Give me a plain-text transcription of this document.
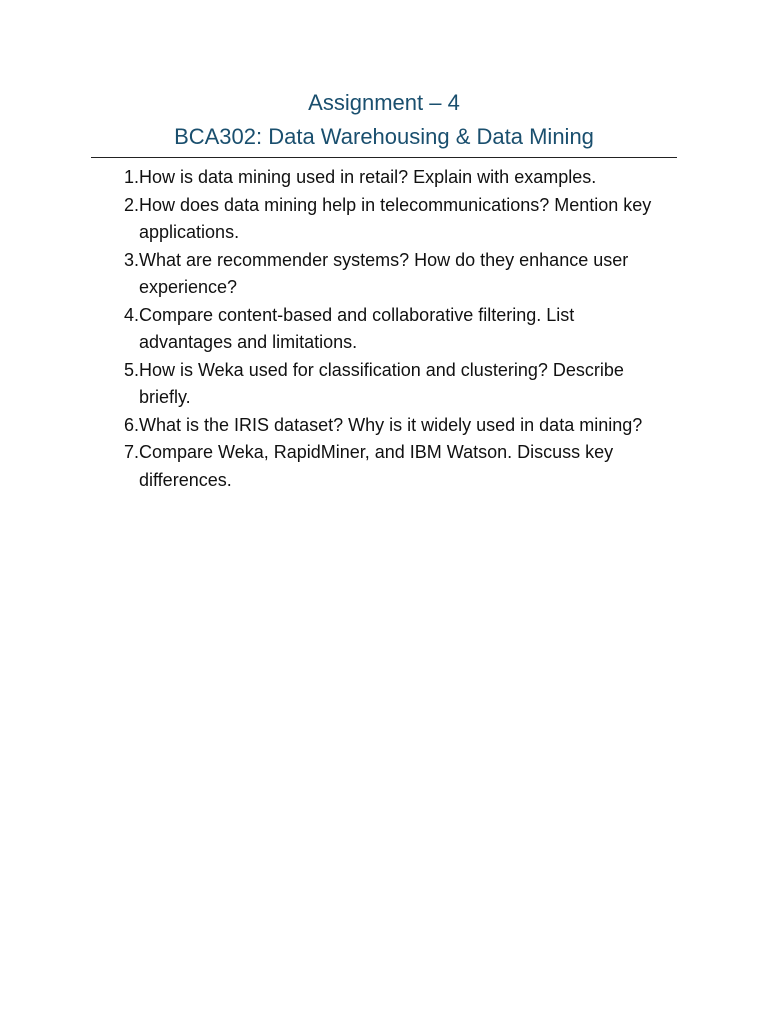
Assignment – 4
BCA302: Data Warehousing & Data Mining
1. How is data mining used in retail? Explain with examples.
2. How does data mining help in telecommunications? Mention key applications.
3. What are recommender systems? How do they enhance user experience?
4. Compare content-based and collaborative filtering. List advantages and limitations.
5. How is Weka used for classification and clustering? Describe briefly.
6. What is the IRIS dataset? Why is it widely used in data mining?
7. Compare Weka, RapidMiner, and IBM Watson. Discuss key differences.
